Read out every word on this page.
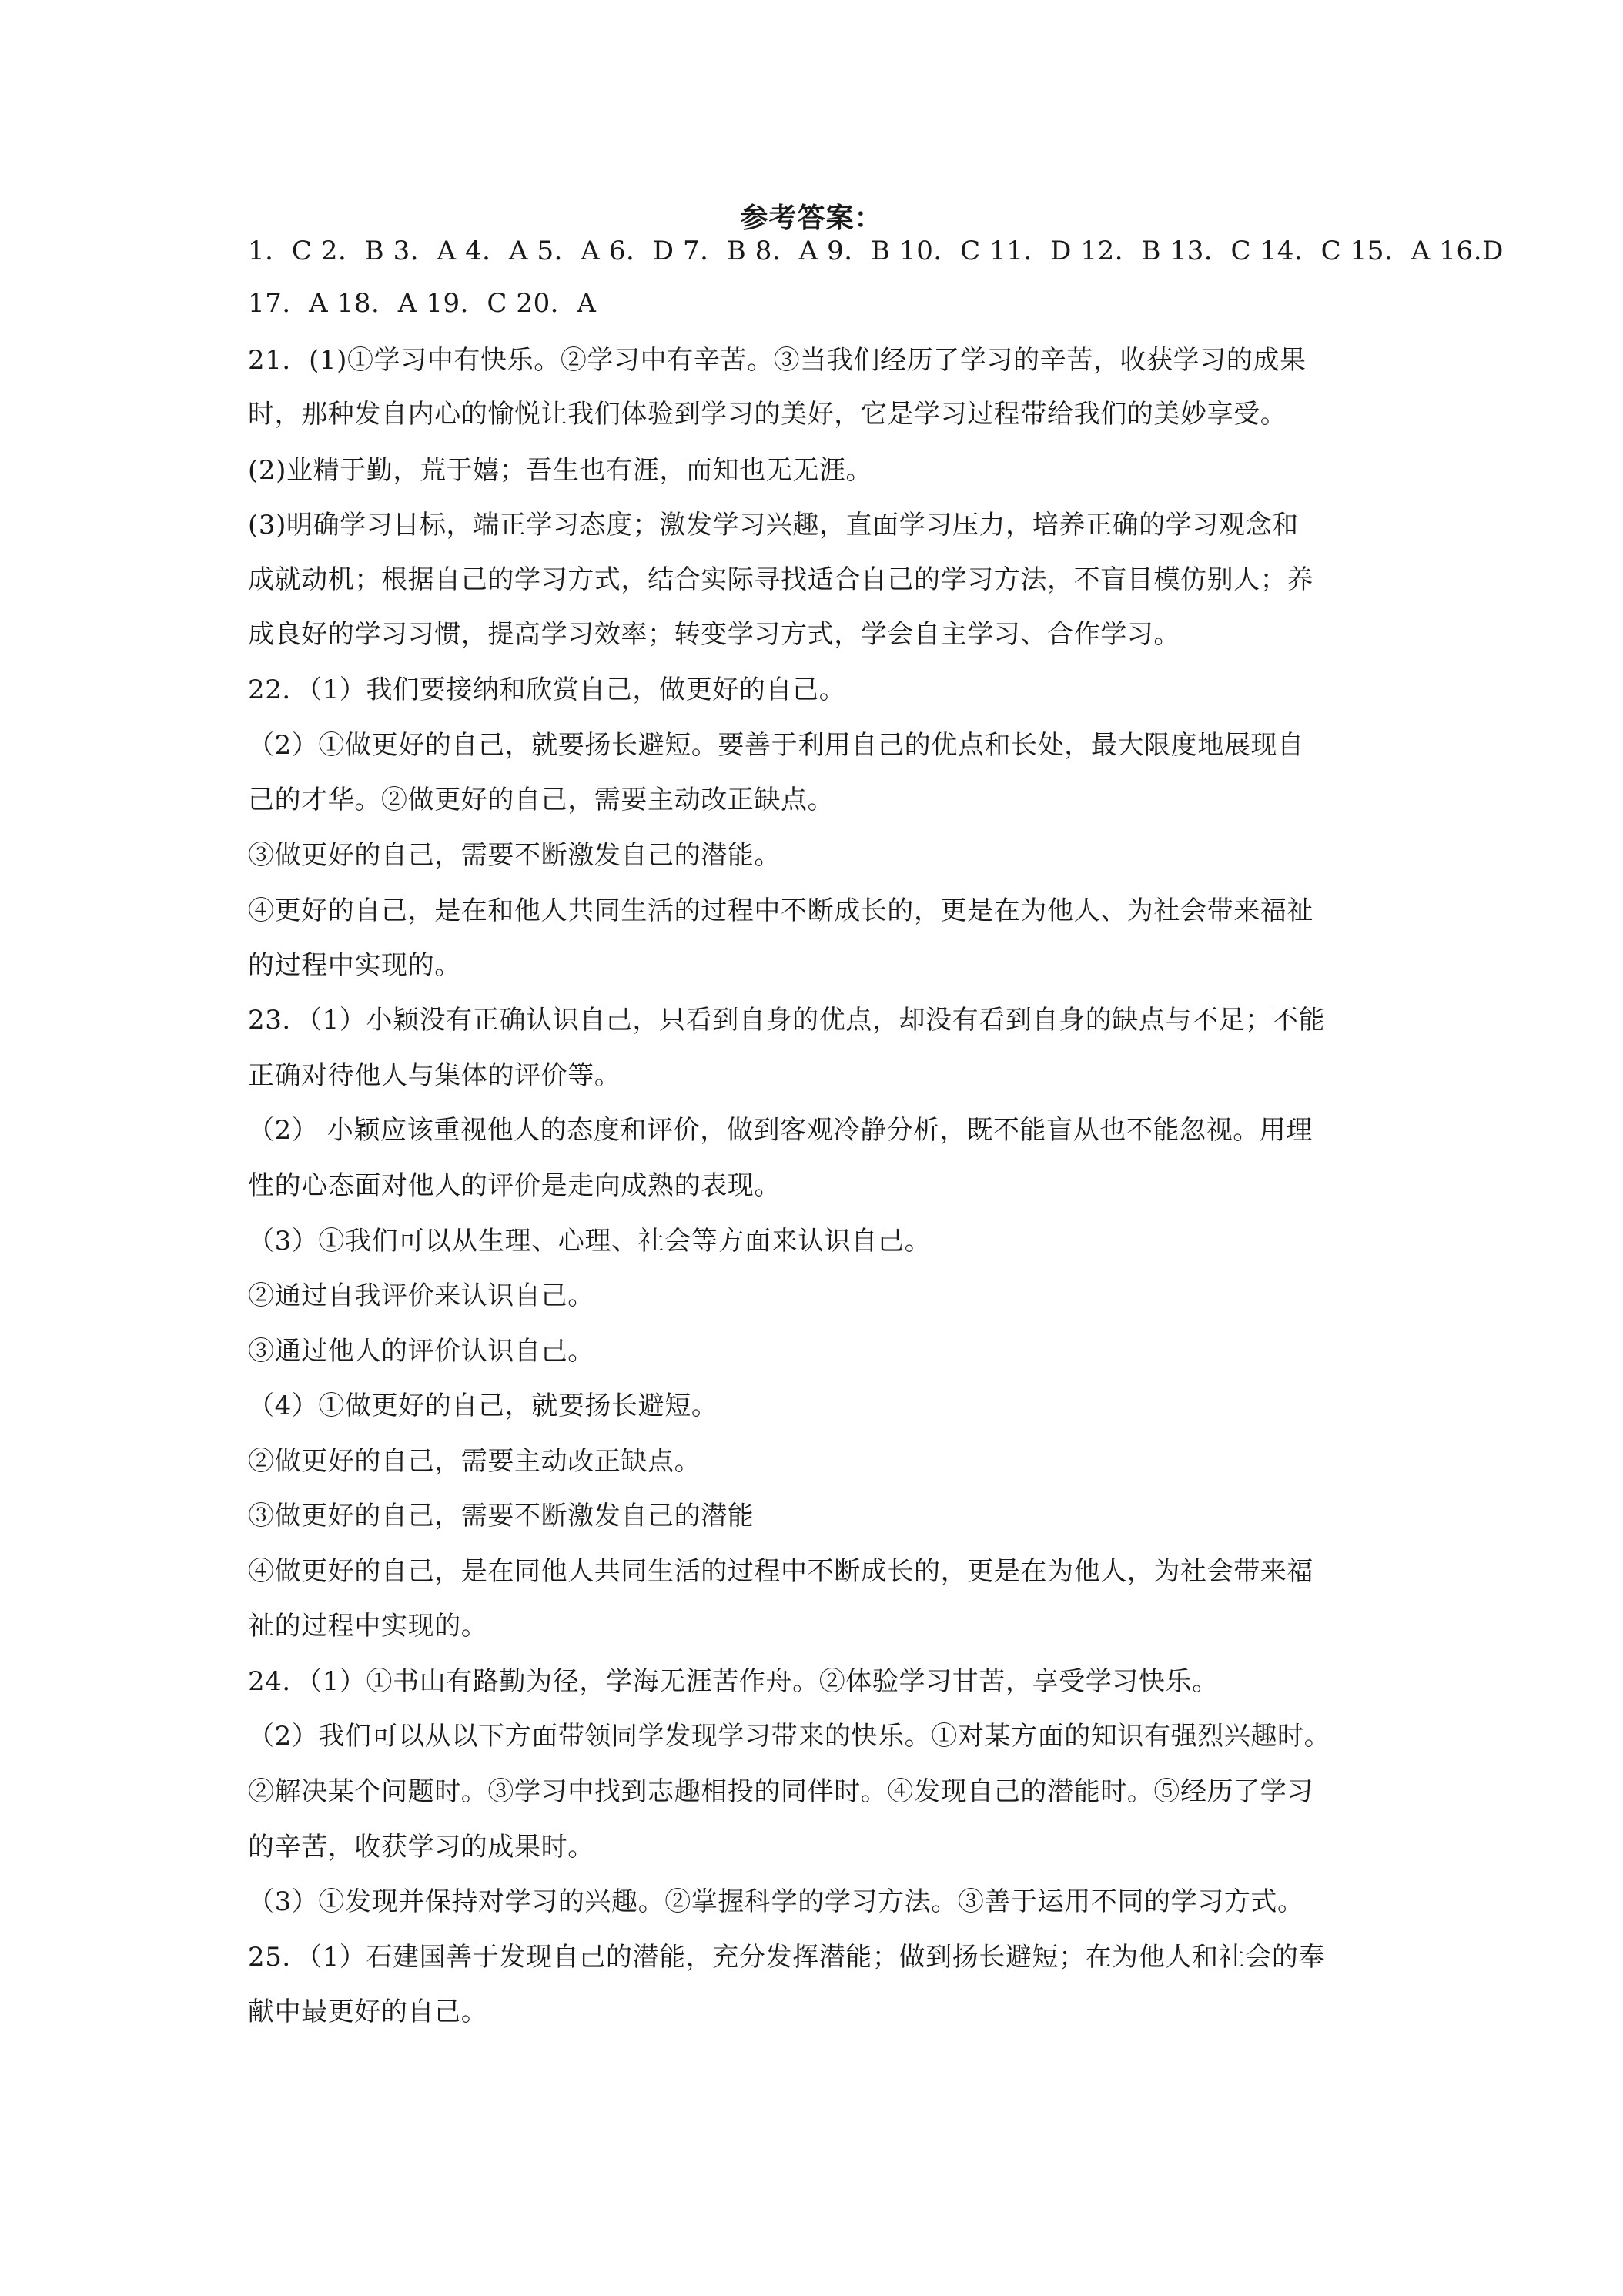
参考答案：
1．C 2．B 3．A 4．A 5．A 6．D 7．B 8．A 9．B 10．C 11．D 12．B 13．C 14．C 15．A 16.D
17．A 18．A 19．C 20．A
21．(1)①学习中有快乐。②学习中有辛苦。③当我们经历了学习的辛苦，收获学习的成果
时，那种发自内心的愉悦让我们体验到学习的美好，它是学习过程带给我们的美妙享受。
(2)业精于勤，荒于嬉；吾生也有涯，而知也无无涯。
(3)明确学习目标，端正学习态度；激发学习兴趣，直面学习压力，培养正确的学习观念和
成就动机；根据自己的学习方式，结合实际寻找适合自己的学习方法，不盲目模仿别人；养
成良好的学习习惯，提高学习效率；转变学习方式，学会自主学习、合作学习。
22．（1）我们要接纳和欣赏自己，做更好的自己。
（2）①做更好的自己，就要扬长避短。要善于利用自己的优点和长处，最大限度地展现自
己的才华。②做更好的自己，需要主动改正缺点。
③做更好的自己，需要不断激发自己的潜能。
④更好的自己，是在和他人共同生活的过程中不断成长的，更是在为他人、为社会带来福祉
的过程中实现的。
23．（1）小颖没有正确认识自己，只看到自身的优点，却没有看到自身的缺点与不足；不能
正确对待他人与集体的评价等。
（2） 小颖应该重视他人的态度和评价，做到客观冷静分析，既不能盲从也不能忽视。用理
性的心态面对他人的评价是走向成熟的表现。
（3）①我们可以从生理、心理、社会等方面来认识自己。
②通过自我评价来认识自己。
③通过他人的评价认识自己。
（4）①做更好的自己，就要扬长避短。
②做更好的自己，需要主动改正缺点。
③做更好的自己，需要不断激发自己的潜能
④做更好的自己，是在同他人共同生活的过程中不断成长的，更是在为他人，为社会带来福
祉的过程中实现的。
24．（1）①书山有路勤为径，学海无涯苦作舟。②体验学习甘苦，享受学习快乐。
（2）我们可以从以下方面带领同学发现学习带来的快乐。①对某方面的知识有强烈兴趣时。
②解决某个问题时。③学习中找到志趣相投的同伴时。④发现自己的潜能时。⑤经历了学习
的辛苦，收获学习的成果时。
（3）①发现并保持对学习的兴趣。②掌握科学的学习方法。③善于运用不同的学习方式。
25．（1）石建国善于发现自己的潜能，充分发挥潜能；做到扬长避短；在为他人和社会的奉
献中最更好的自己。
